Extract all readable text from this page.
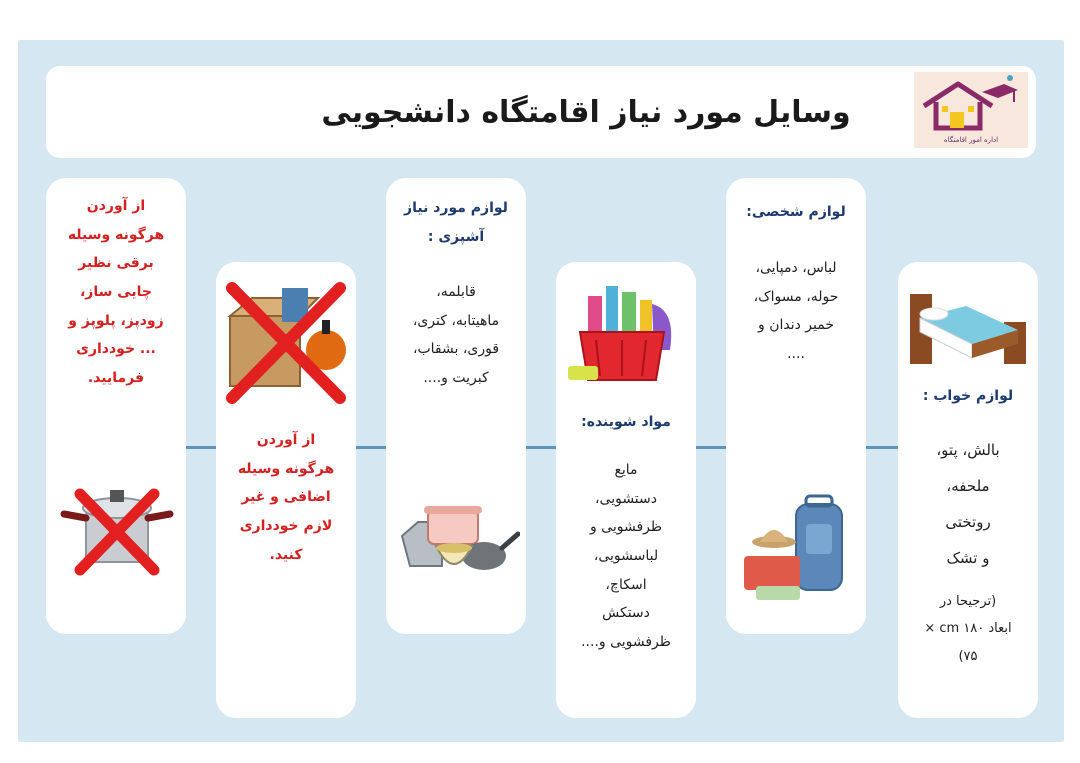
وسایل مورد نیاز اقامتگاه دانشجویی
اداره امور اقامتگاه
از آوردن
هرگونه وسیله
برقی نظیر
چایی ساز،
زودپز، پلوپز و
... خودداری
فرمایید.
از آوردن
هرگونه وسیله
اضافی و غیر
لازم خودداری
کنید.
لوازم مورد نیاز
آشپزی :
قابلمه،
ماهیتابه، کتری،
قوری، بشقاب،
کبریت و....
مواد شوینده:
مایع
دستشویی،
ظرفشویی و
لباسشویی،
اسکاچ،
دستکش
ظرفشویی و....
لوازم شخصی:
لباس، دمپایی،
حوله، مسواک،
خمیر دندان و
....
لوازم خواب :
بالش، پتو،
ملحفه،
روتختی
و تشک
(ترجیحا در
ابعاد ۱۸۰ cm ×
۷۵)
